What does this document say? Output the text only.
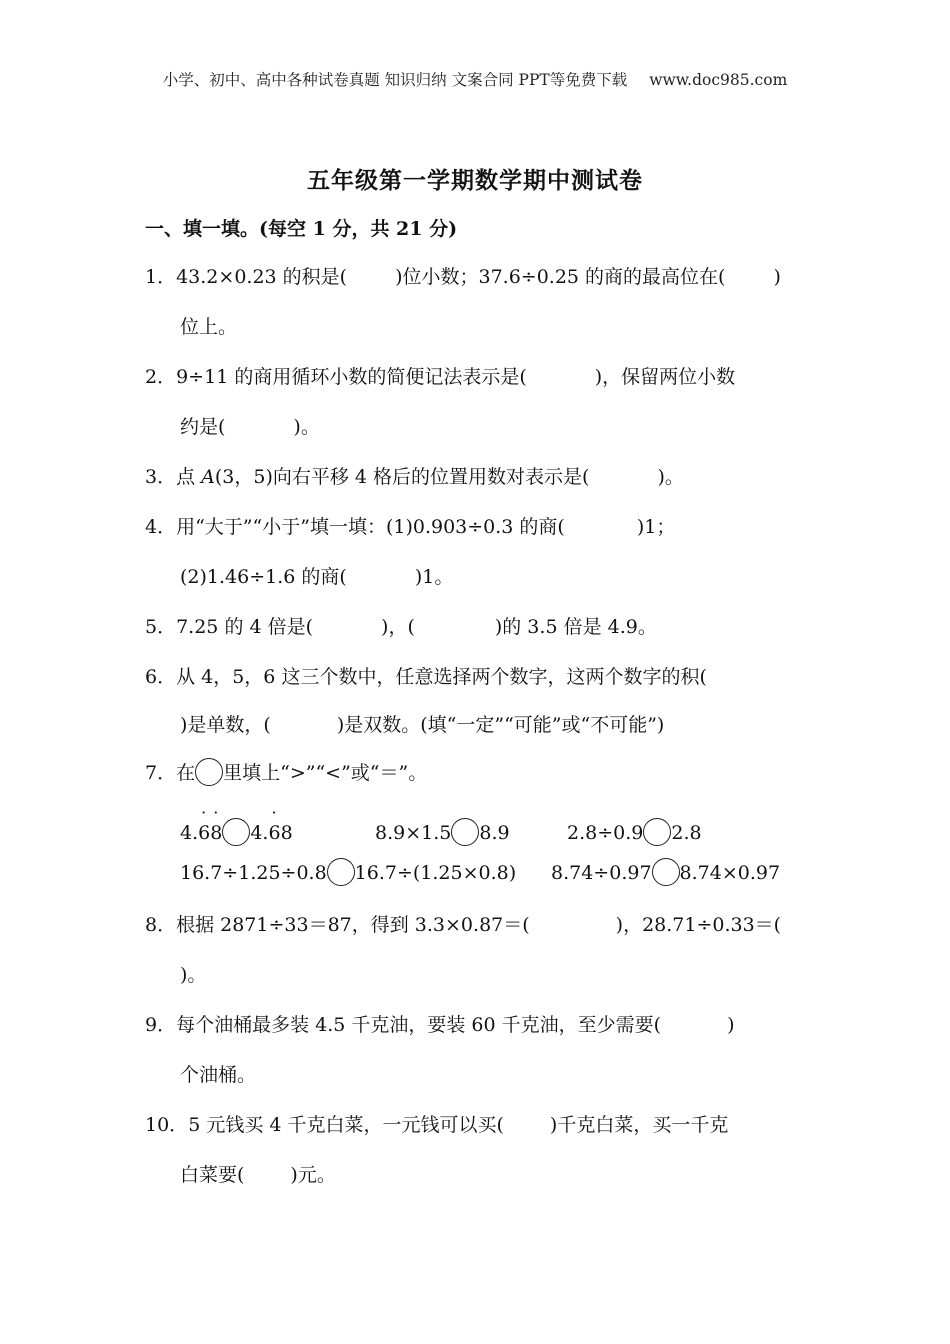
小学、初中、高中各种试卷真题 知识归纳 文案合同 PPT等免费下载 www.doc985.com
五年级第一学期数学期中测试卷
一、填一填。(每空 1 分，共 21 分)
1．43.2×0.23 的积是(	)位小数；37.6÷0.25 的商的最高位在(	)
位上。
2．9÷11 的商用循环小数的简便记法表示是(	)，保留两位小数
约是(	)。
3．点 A(3，5)向右平移 4 格后的位置用数对表示是(	)。
4．用“大于”“小于”填一填：(1)0.903÷0.3 的商(	)1；
(2)1.46÷1.6 的商(	)1。
5．7.25 的 4 倍是(	)，(	)的 3.5 倍是 4.9。
6．从 4，5，6 这三个数中，任意选择两个数字，这两个数字的积(
)是单数，(	)是双数。(填“一定”“可能”或“不可能”)
7．在 里填上“>”“<”或“＝”。
4.
·
6
·
8 4.
·
68	8.9×1.5 8.9	2.8÷0.9 2.8
16.7÷1.25÷0.8 16.7÷(1.25×0.8) 8.74÷0.97 8.74×0.97
8．根据 2871÷33＝87，得到 3.3×0.87＝(	)，28.71÷0.33＝(
)。
9．每个油桶最多装 4.5 千克油，要装 60 千克油，至少需要(	)
个油桶。
10．5 元钱买 4 千克白菜，一元钱可以买( )千克白菜，买一千克
白菜要( )元。
